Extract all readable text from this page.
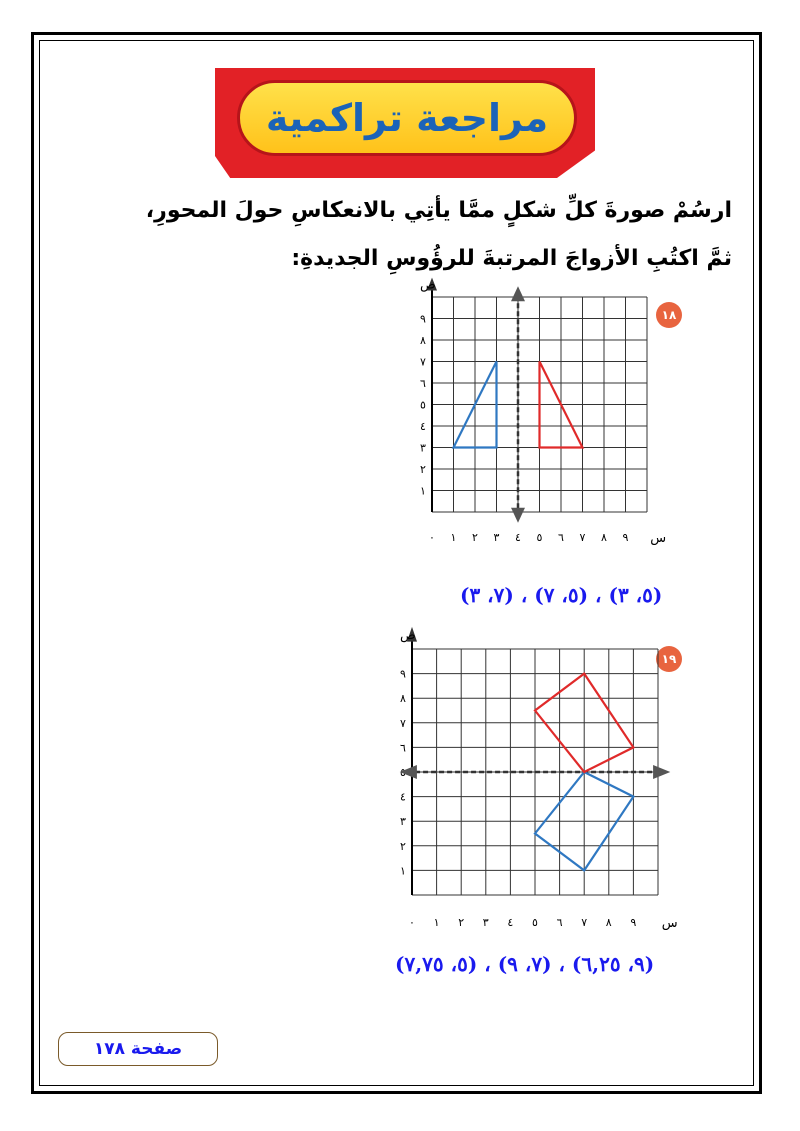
مراجعة تراكمية
ارسُمْ صورةَ كلِّ شكلٍ ممَّا يأتِي بالانعكاسِ حولَ المحورِ،
ثمَّ اكتُبِ الأزواجَ المرتبةَ للرؤُوسِ الجديدةِ:
١٨
١٩
ص
س
١
٢
٣
٤
٥
٦
٧
٨
٩
٠ ١ ٢ ٣ ٤ ٥ ٦ ٧ ٨ ٩
ص
س
١
٢
٣
٤
٦
٧
٨
٩
٠ ١ ٢ ٣ ٤ ٥ ٦ ٧ ٨ ٩
(٥، ٣) ، (٥، ٧) ، (٧، ٣)
(٩، ٦,٢٥) ، (٧، ٩) ، (٥، ٧,٧٥)
صفحة ١٧٨
